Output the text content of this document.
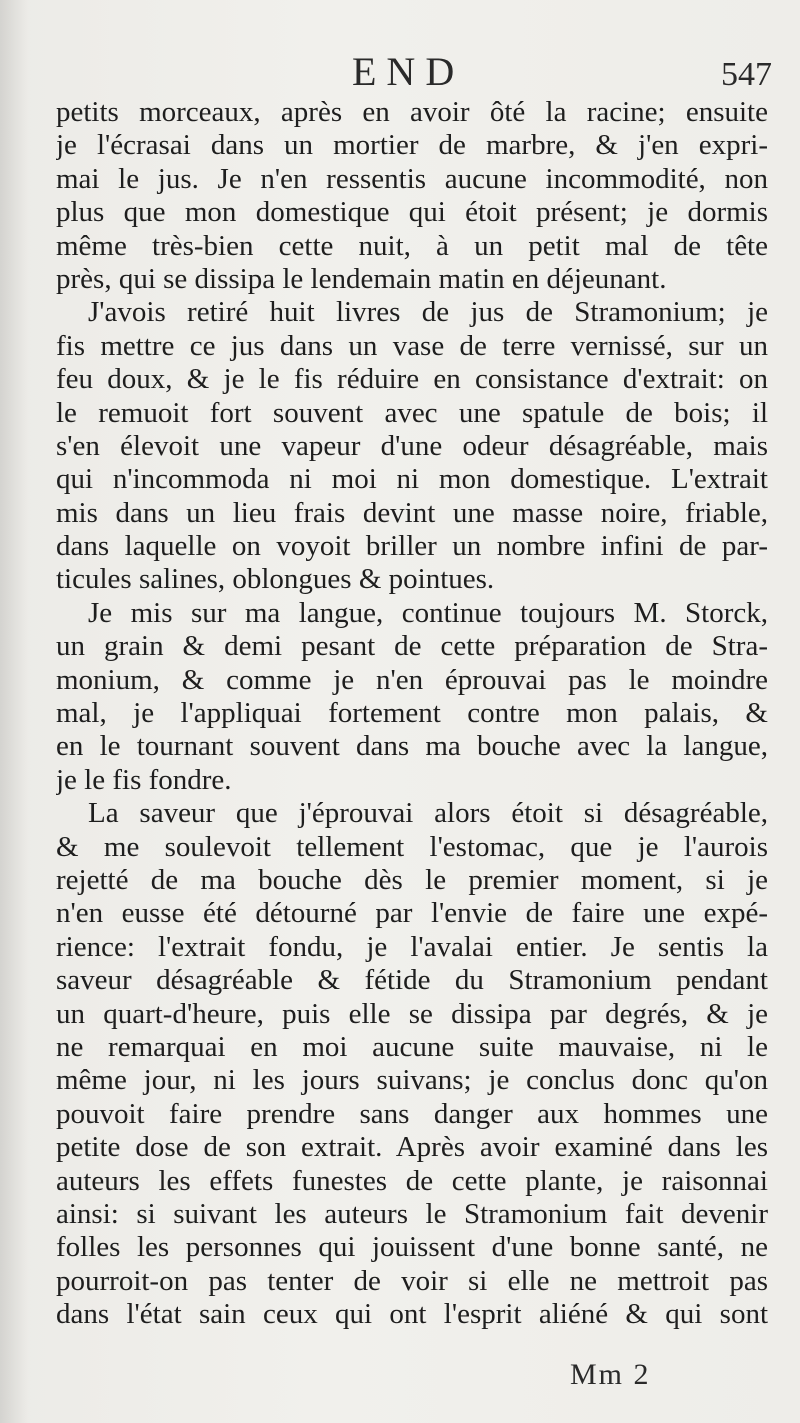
END	547
petits morceaux, après en avoir ôté la racine; ensuite
je l'écrasai dans un mortier de marbre, & j'en expri-
mai le jus. Je n'en ressentis aucune incommodité, non
plus que mon domestique qui étoit présent; je dormis
même très-bien cette nuit, à un petit mal de tête
près, qui se dissipa le lendemain matin en déjeunant.
J'avois retiré huit livres de jus de Stramonium; je
fis mettre ce jus dans un vase de terre vernissé, sur un
feu doux, & je le fis réduire en consistance d'extrait: on
le remuoit fort souvent avec une spatule de bois; il
s'en élevoit une vapeur d'une odeur désagréable, mais
qui n'incommoda ni moi ni mon domestique. L'extrait
mis dans un lieu frais devint une masse noire, friable,
dans laquelle on voyoit briller un nombre infini de par-
ticules salines, oblongues & pointues.
Je mis sur ma langue, continue toujours M. Storck,
un grain & demi pesant de cette préparation de Stra-
monium, & comme je n'en éprouvai pas le moindre
mal, je l'appliquai fortement contre mon palais, &
en le tournant souvent dans ma bouche avec la langue,
je le fis fondre.
La saveur que j'éprouvai alors étoit si désagréable,
& me soulevoit tellement l'estomac, que je l'aurois
rejetté de ma bouche dès le premier moment, si je
n'en eusse été détourné par l'envie de faire une expé-
rience: l'extrait fondu, je l'avalai entier. Je sentis la
saveur désagréable & fétide du Stramonium pendant
un quart-d'heure, puis elle se dissipa par degrés, & je
ne remarquai en moi aucune suite mauvaise, ni le
même jour, ni les jours suivans; je conclus donc qu'on
pouvoit faire prendre sans danger aux hommes une
petite dose de son extrait. Après avoir examiné dans les
auteurs les effets funestes de cette plante, je raisonnai
ainsi: si suivant les auteurs le Stramonium fait devenir
folles les personnes qui jouissent d'une bonne santé, ne
pourroit-on pas tenter de voir si elle ne mettroit pas
dans l'état sain ceux qui ont l'esprit aliéné & qui sont
Mm 2
